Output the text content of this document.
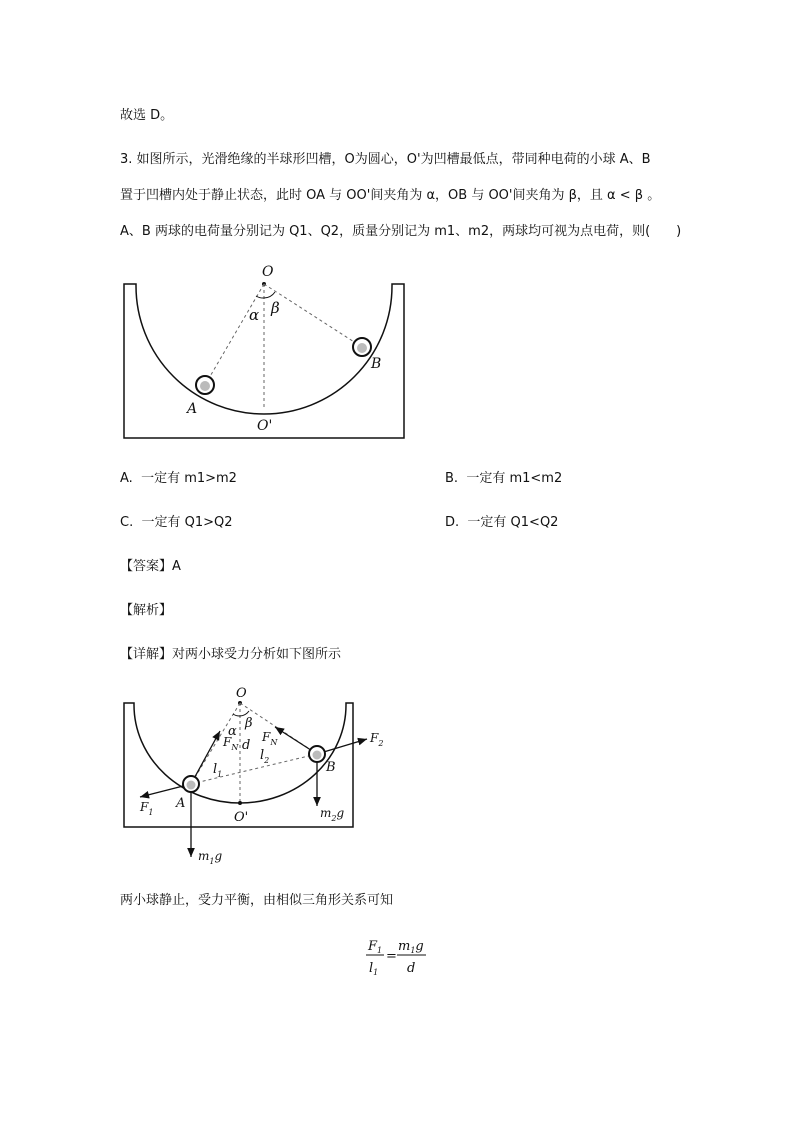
故选 D。
3. 如图所示，光滑绝缘的半球形凹槽，O为圆心，O'为凹槽最低点，带同种电荷的小球 A、B
置于凹槽内处于静止状态，此时 OA 与 OO'间夹角为 α，OB 与 OO'间夹角为 β，且 α < β 。
A、B 两球的电荷量分别记为 Q1、Q2，质量分别记为 m1、m2，两球均可视为点电荷，则(　　)
O
α β
A
B
O'
A. 一定有 m1>m2	B. 一定有 m1<m2
C. 一定有 Q1>Q2	D. 一定有 Q1<Q2
【答案】A
【解析】
【详解】对两小球受力分析如下图所示
O
α
β
$F_N$ d
$F_N$
$l_2$
$l_1$
$F_2$
B
$F_1$
A
O'	$m_2g$
$m_1g$
两小球静止，受力平衡，由相似三角形关系可知
$F_1$
$l_1$
=
$m_1g$
d
